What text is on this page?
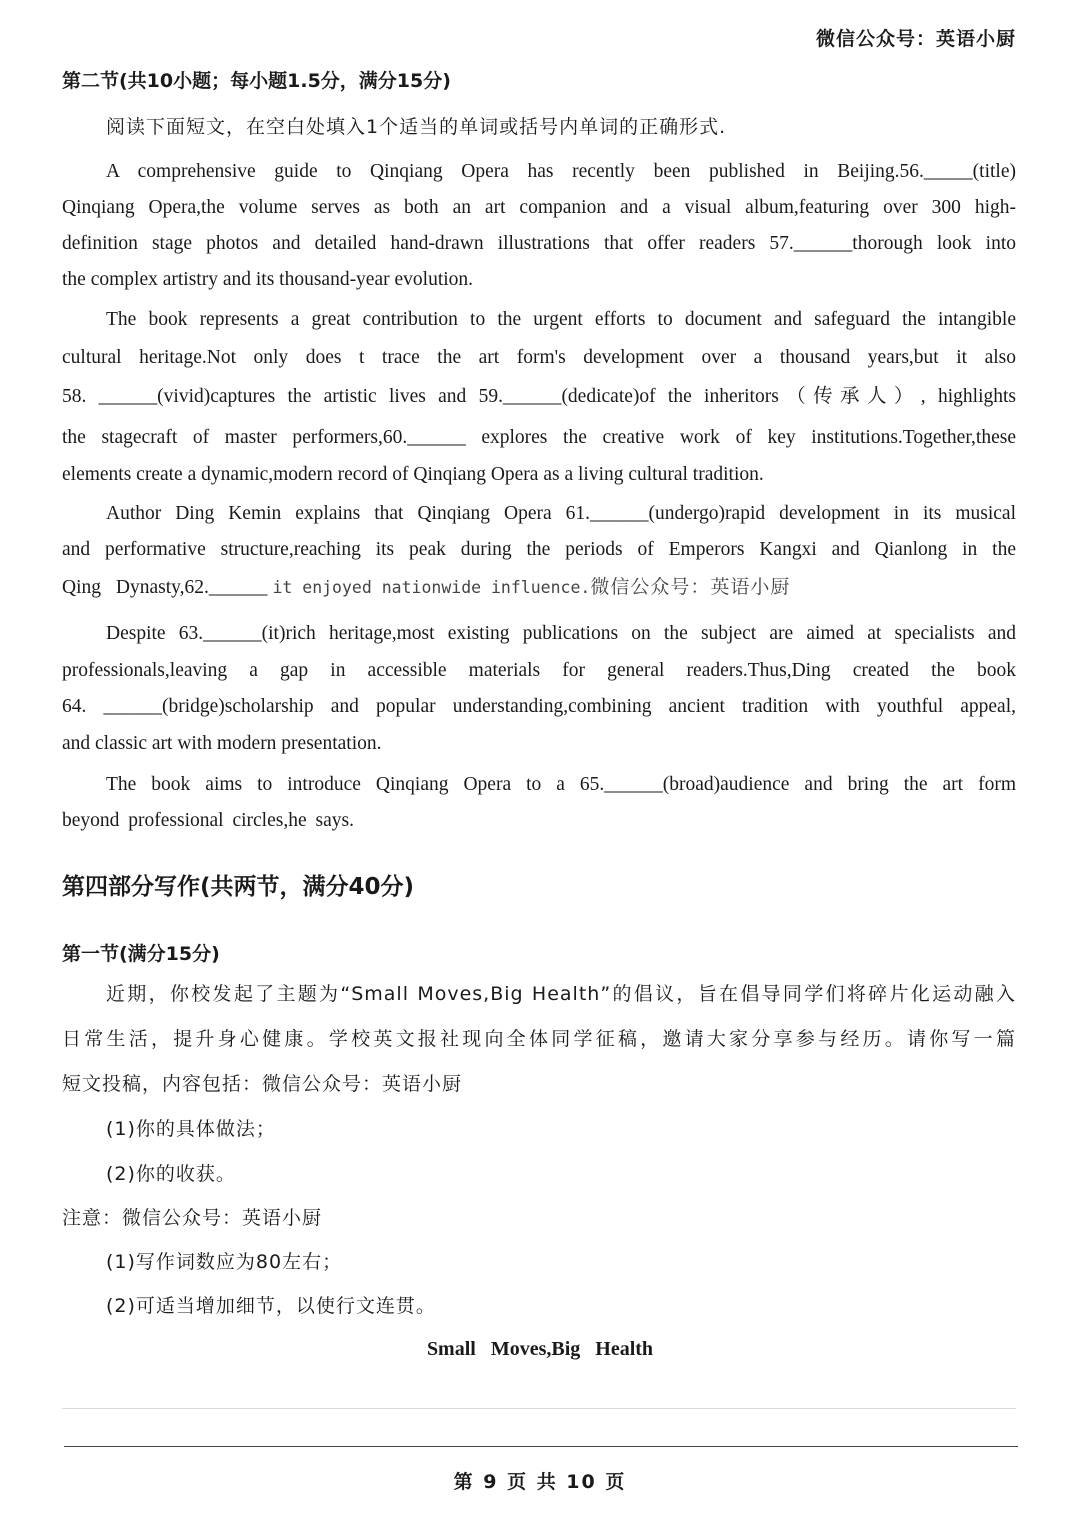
微信公众号：英语小厨
第二节(共10小题；每小题1.5分，满分15分)
阅读下面短文，在空白处填入1个适当的单词或括号内单词的正确形式.
A comprehensive guide to Qinqiang Opera has recently been published in Beijing.56._____(title)
Qinqiang Opera,the volume serves as both an art companion and a visual album,featuring over 300 high-
definition stage photos and detailed hand-drawn illustrations that offer readers 57.______thorough look into
the complex artistry and its thousand-year evolution.
The book represents a great contribution to the urgent efforts to document and safeguard the intangible
cultural heritage.Not only does t trace the art form's development over a thousand years,but it also
58. ______(vivid)captures the artistic lives and 59.______(dedicate)of the inheritors（传承人）, highlights
the stagecraft of master performers,60.______ explores the creative work of key institutions.Together,these
elements create a dynamic,modern record of Qinqiang Opera as a living cultural tradition.
Author Ding Kemin explains that Qinqiang Opera 61.______(undergo)rapid development in its musical
and performative structure,reaching its peak during the periods of Emperors Kangxi and Qianlong in the
Qing Dynasty,62.______ it enjoyed nationwide influence.微信公众号：英语小厨
Despite 63.______(it)rich heritage,most existing publications on the subject are aimed at specialists and
professionals,leaving a gap in accessible materials for general readers.Thus,Ding created the book
64. ______(bridge)scholarship and popular understanding,combining ancient tradition with youthful appeal,
and classic art with modern presentation.
The book aims to introduce Qinqiang Opera to a 65.______(broad)audience and bring the art form
beyond professional circles,he says.
第四部分写作(共两节，满分40分)
第一节(满分15分)
近期，你校发起了主题为“Small Moves,Big Health”的倡议，旨在倡导同学们将碎片化运动融入
日常生活，提升身心健康。学校英文报社现向全体同学征稿，邀请大家分享参与经历。请你写一篇
短文投稿，内容包括：微信公众号：英语小厨
(1)你的具体做法；
(2)你的收获。
注意：微信公众号：英语小厨
(1)写作词数应为80左右；
(2)可适当增加细节，以使行文连贯。
Small Moves,Big Health
第 9 页 共 10 页
